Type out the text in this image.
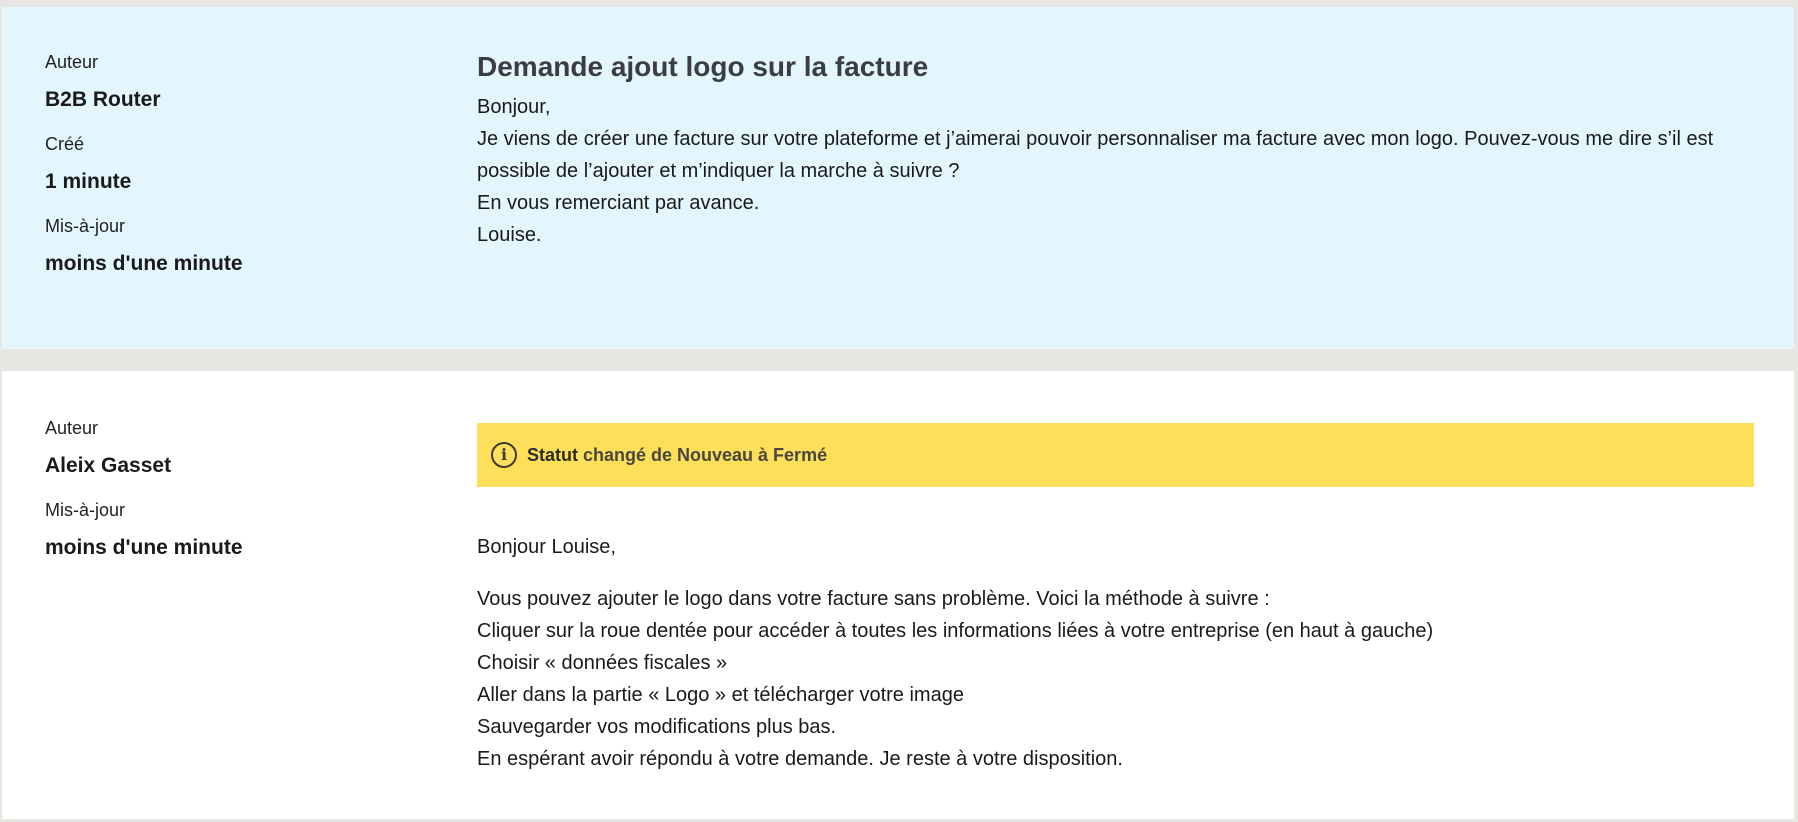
Auteur
B2B Router
Créé
1 minute
Mis-à-jour
moins d'une minute
Demande ajout logo sur la facture
Bonjour,
Je viens de créer une facture sur votre plateforme et j’aimerai pouvoir personnaliser ma facture avec mon logo. Pouvez-vous me dire s’il est possible de l’ajouter et m’indiquer la marche à suivre ?
En vous remerciant par avance.
Louise.
Auteur
Aleix Gasset
Mis-à-jour
moins d'une minute
i	Statut changé de Nouveau à Fermé
Bonjour Louise,
Vous pouvez ajouter le logo dans votre facture sans problème. Voici la méthode à suivre :
Cliquer sur la roue dentée pour accéder à toutes les informations liées à votre entreprise (en haut à gauche)
Choisir « données fiscales »
Aller dans la partie « Logo » et télécharger votre image
Sauvegarder vos modifications plus bas.
En espérant avoir répondu à votre demande. Je reste à votre disposition.
